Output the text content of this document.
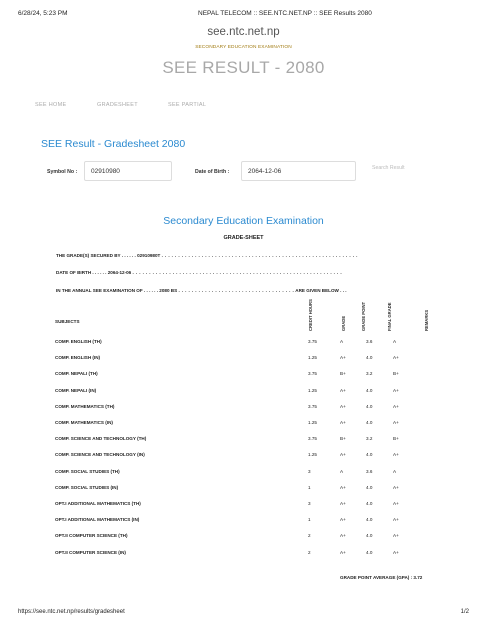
6/28/24, 5:23 PM	NEPAL TELECOM :: SEE.NTC.NET.NP :: SEE Results 2080
see.ntc.net.np
SECONDARY EDUCATION EXAMINATION
SEE RESULT - 2080
SEE HOME	GRADESHEET	SEE PARTIAL
SEE Result - Gradesheet 2080
Symbol No :	02910980	Date of Birth :	2064-12-06	Search Result
Secondary Education Examination
GRADE-SHEET
THE GRADE(S) SECURED BY . . . . . . 02910980T . . . . . . . . . . . . . . . . . . . . . . . . . . . . . . . . . . . . . . . . . . . . . . . . . . . . . . . . . . .
DATE OF BIRTH . . . . . . 2064-12-06 . . . . . . . . . . . . . . . . . . . . . . . . . . . . . . . . . . . . . . . . . . . . . . . . . . . . . . . . . . . . . . .
IN THE ANNUAL SEE EXAMINATION OF . . . . . . 2080 BS . . . . . . . . . . . . . . . . . . . . . . . . . . . . . . . . . . . ARE GIVEN BELOW . . .
SUBJECTS	CREDIT HOURS	GRADE	GRADE POINT	FINAL GRADE	REMARKS
COMP. ENGLISH (TH)	3.75	A	3.6	A
COMP. ENGLISH (IN)	1.25	A+	4.0	A+
COMP. NEPALI (TH)	3.75	B+	3.2	B+
COMP. NEPALI (IN)	1.25	A+	4.0	A+
COMP. MATHEMATICS (TH)	3.75	A+	4.0	A+
COMP. MATHEMATICS (IN)	1.25	A+	4.0	A+
COMP. SCIENCE AND TECHNOLOGY (TH)	3.75	B+	3.2	B+
COMP. SCIENCE AND TECHNOLOGY (IN)	1.25	A+	4.0	A+
COMP. SOCIAL STUDIES (TH)	3	A	3.6	A
COMP. SOCIAL STUDIES (IN)	1	A+	4.0	A+
OPT.I ADDITIONAL MATHEMATICS (TH)	3	A+	4.0	A+
OPT.I ADDITIONAL MATHEMATICS (IN)	1	A+	4.0	A+
OPT.II COMPUTER SCIENCE (TH)	2	A+	4.0	A+
OPT.II COMPUTER SCIENCE (IN)	2	A+	4.0	A+
GRADE POINT AVERAGE (GPA) : 3.72
https://see.ntc.net.np/results/gradesheet	1/2
